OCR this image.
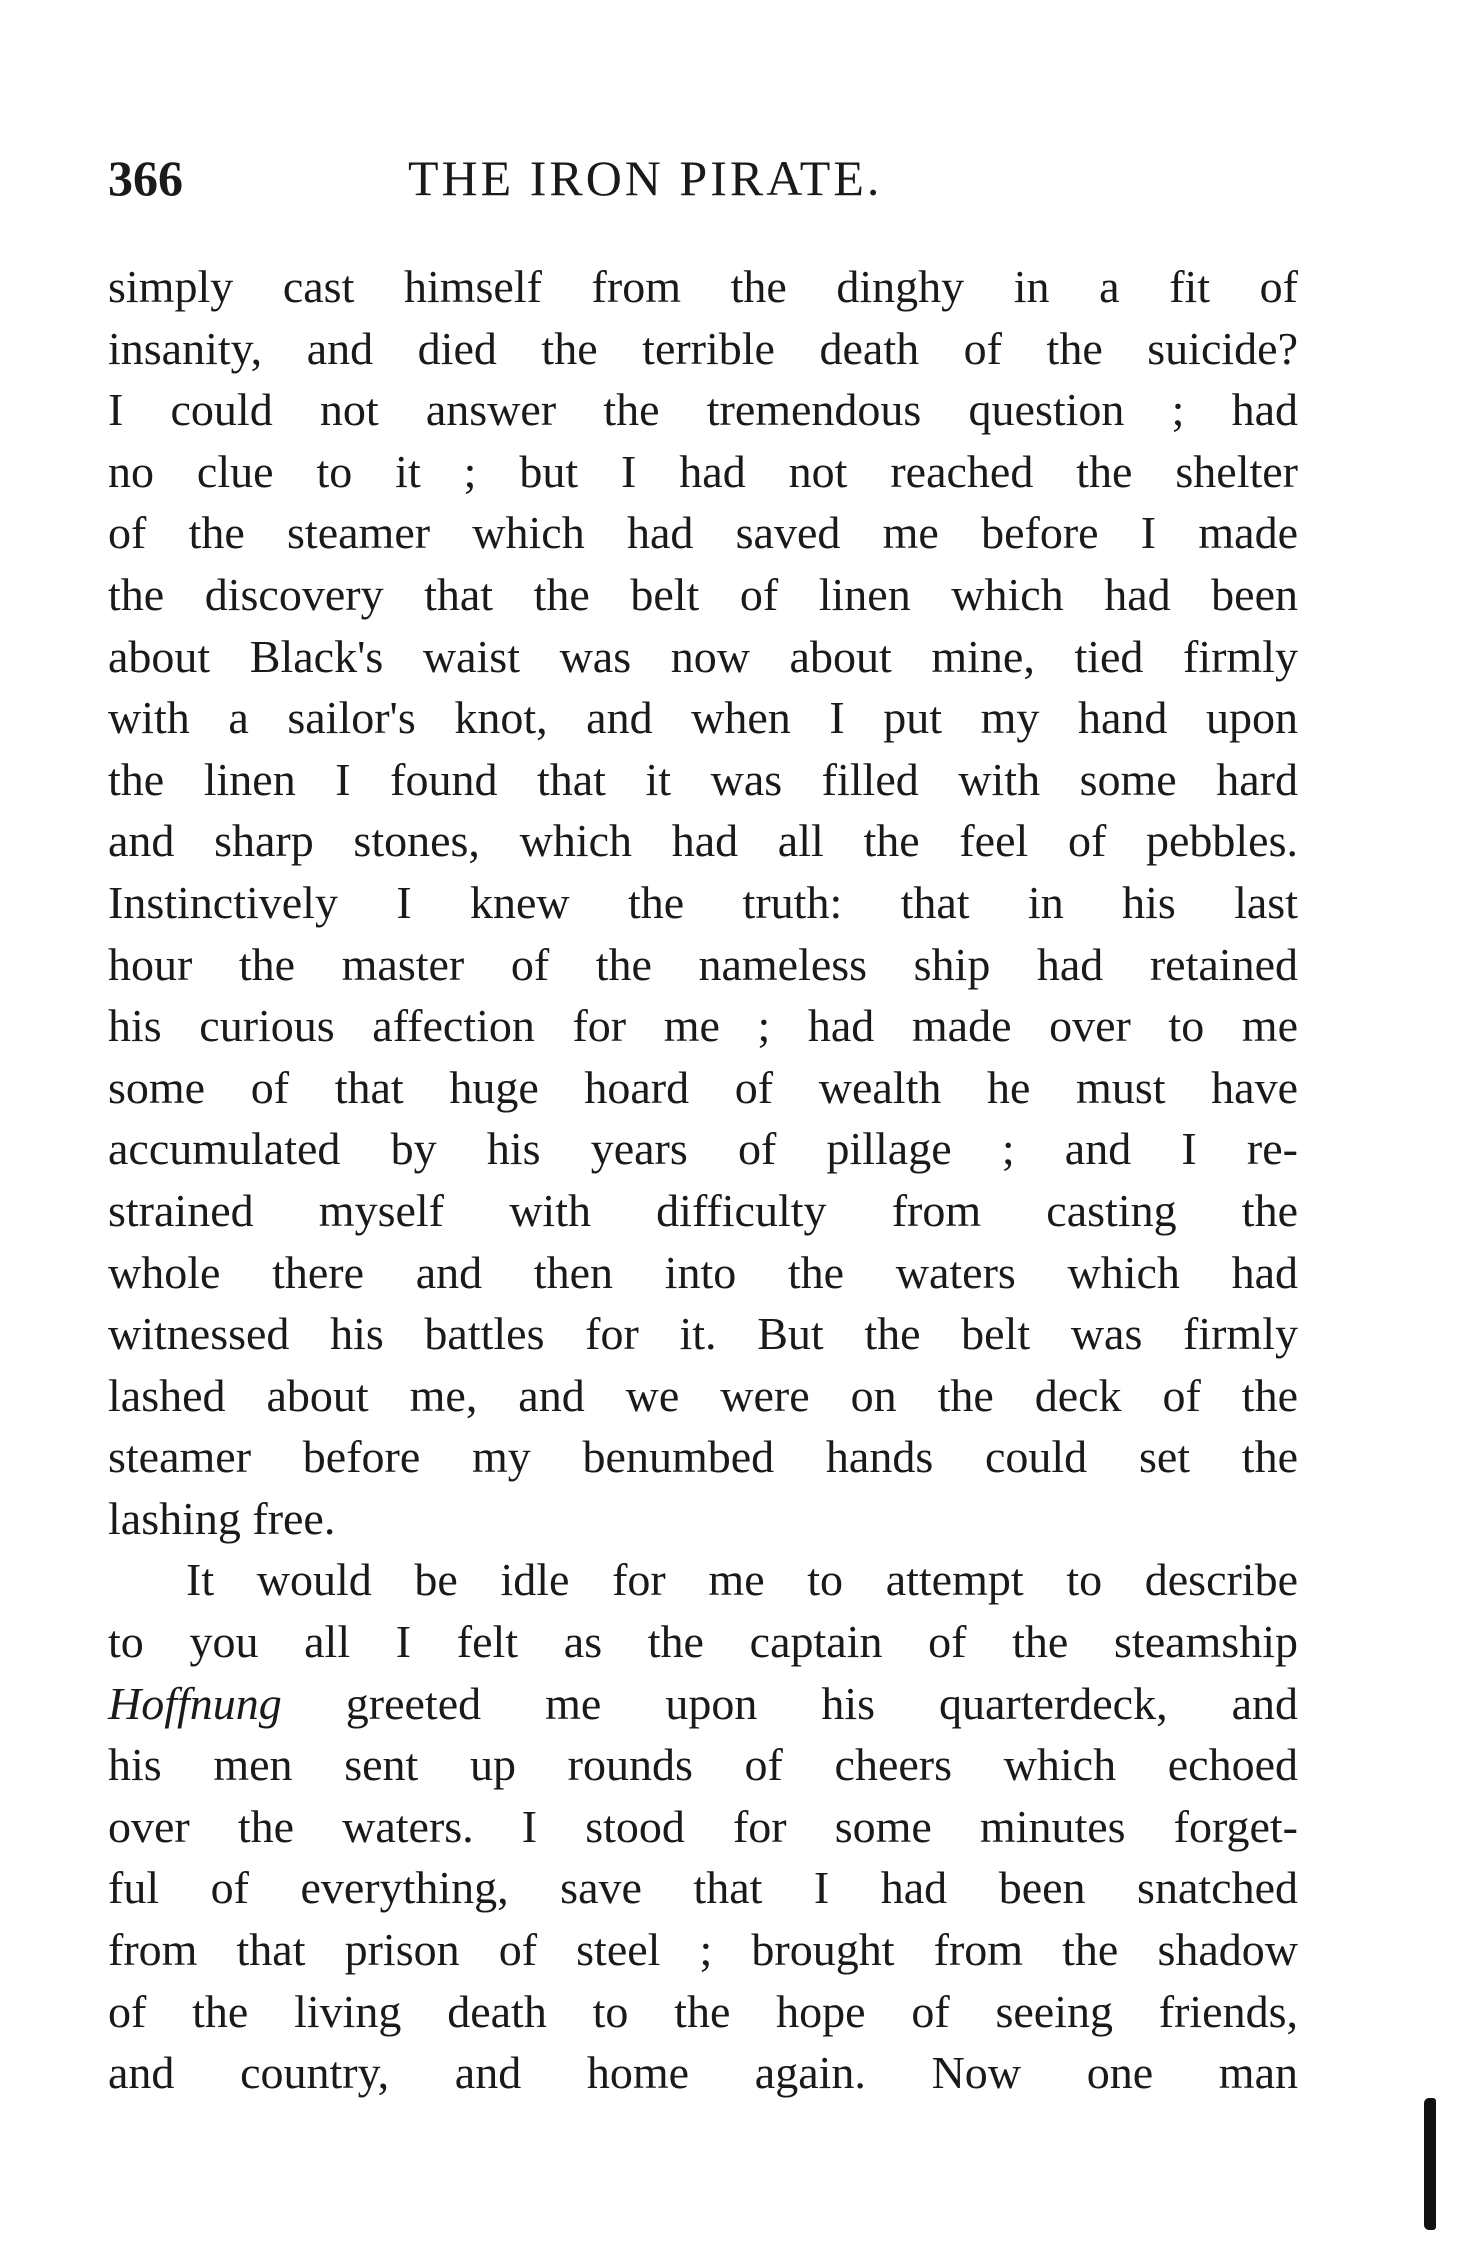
366	THE IRON PIRATE.
simply cast himself from the dinghy in a fit of
insanity, and died the terrible death of the suicide?
I could not answer the tremendous question ; had
no clue to it ; but I had not reached the shelter
of the steamer which had saved me before I made
the discovery that the belt of linen which had been
about Black's waist was now about mine, tied firmly
with a sailor's knot, and when I put my hand upon
the linen I found that it was filled with some hard
and sharp stones, which had all the feel of pebbles.
Instinctively I knew the truth: that in his last
hour the master of the nameless ship had retained
his curious affection for me ; had made over to me
some of that huge hoard of wealth he must have
accumulated by his years of pillage ; and I re-
strained myself with difficulty from casting the
whole there and then into the waters which had
witnessed his battles for it. But the belt was firmly
lashed about me, and we were on the deck of the
steamer before my benumbed hands could set the
lashing free.
It would be idle for me to attempt to describe
to you all I felt as the captain of the steamship
Hoffnung greeted me upon his quarterdeck, and
his men sent up rounds of cheers which echoed
over the waters. I stood for some minutes forget-
ful of everything, save that I had been snatched
from that prison of steel ; brought from the shadow
of the living death to the hope of seeing friends,
and country, and home again. Now one man
